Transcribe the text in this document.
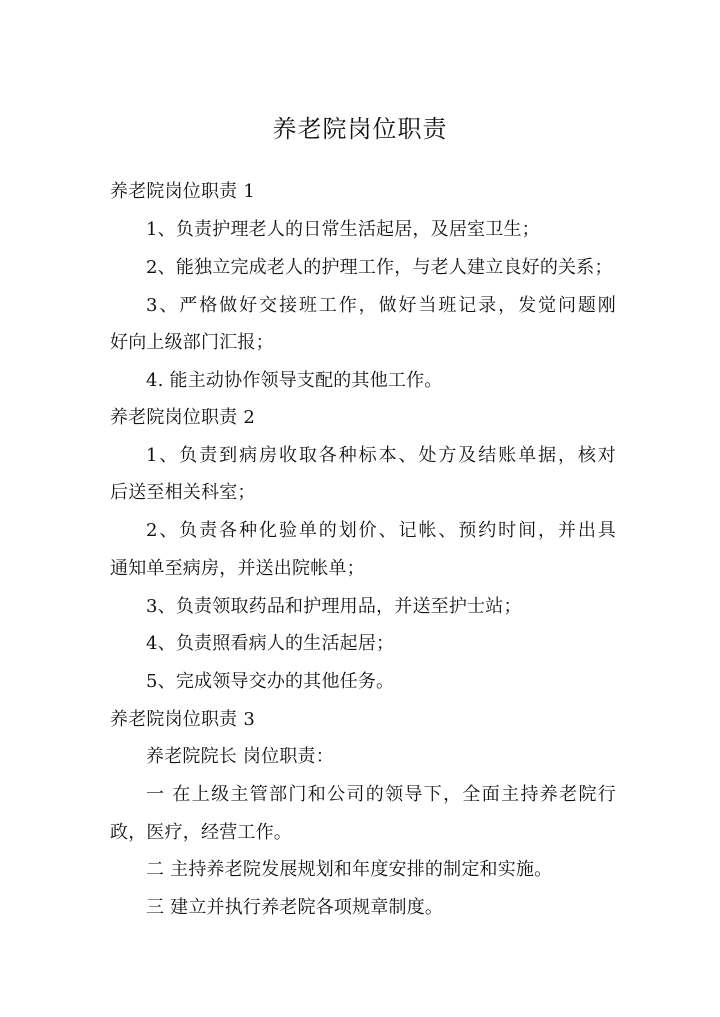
养老院岗位职责
养老院岗位职责 1
1、负责护理老人的日常生活起居，及居室卫生；
2、能独立完成老人的护理工作，与老人建立良好的关系；
3、严格做好交接班工作，做好当班记录，发觉问题刚
好向上级部门汇报；
4. 能主动协作领导支配的其他工作。
养老院岗位职责 2
1、负责到病房收取各种标本、处方及结账单据，核对
后送至相关科室；
2、负责各种化验单的划价、记帐、预约时间，并出具
通知单至病房，并送出院帐单；
3、负责领取药品和护理用品，并送至护士站；
4、负责照看病人的生活起居；
5、完成领导交办的其他任务。
养老院岗位职责 3
养老院院长 岗位职责：
一 在上级主管部门和公司的领导下，全面主持养老院行
政，医疗，经营工作。
二 主持养老院发展规划和年度安排的制定和实施。
三 建立并执行养老院各项规章制度。
